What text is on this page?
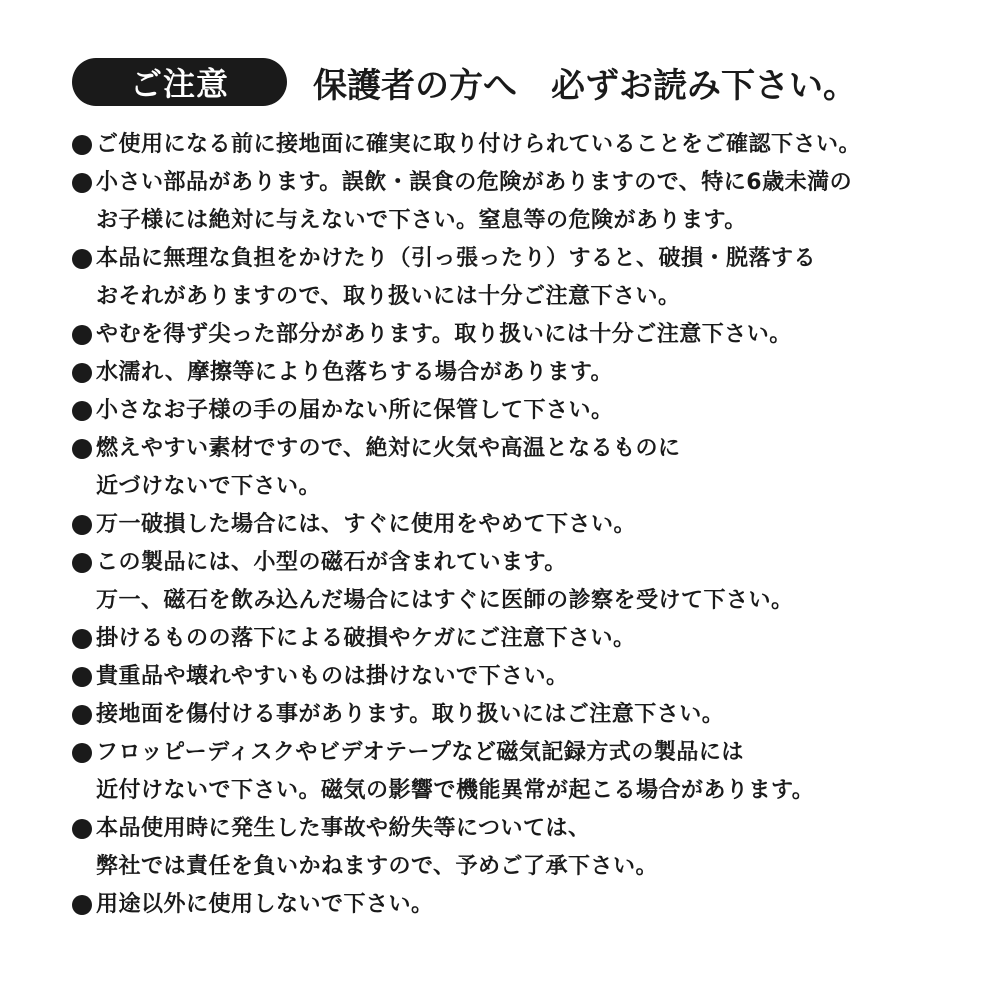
ご注意	保護者の方へ　必ずお読み下さい。
ご使用になる前に接地面に確実に取り付けられていることをご確認下さい。
小さい部品があります。誤飲・誤食の危険がありますので、特に6歳未満の
お子様には絶対に与えないで下さい。窒息等の危険があります。
本品に無理な負担をかけたり（引っ張ったり）すると、破損・脱落する
おそれがありますので、取り扱いには十分ご注意下さい。
やむを得ず尖った部分があります。取り扱いには十分ご注意下さい。
水濡れ、摩擦等により色落ちする場合があります。
小さなお子様の手の届かない所に保管して下さい。
燃えやすい素材ですので、絶対に火気や高温となるものに
近づけないで下さい。
万一破損した場合には、すぐに使用をやめて下さい。
この製品には、小型の磁石が含まれています。
万一、磁石を飲み込んだ場合にはすぐに医師の診察を受けて下さい。
掛けるものの落下による破損やケガにご注意下さい。
貴重品や壊れやすいものは掛けないで下さい。
接地面を傷付ける事があります。取り扱いにはご注意下さい。
フロッピーディスクやビデオテープなど磁気記録方式の製品には
近付けないで下さい。磁気の影響で機能異常が起こる場合があります。
本品使用時に発生した事故や紛失等については、
弊社では責任を負いかねますので、予めご了承下さい。
用途以外に使用しないで下さい。
